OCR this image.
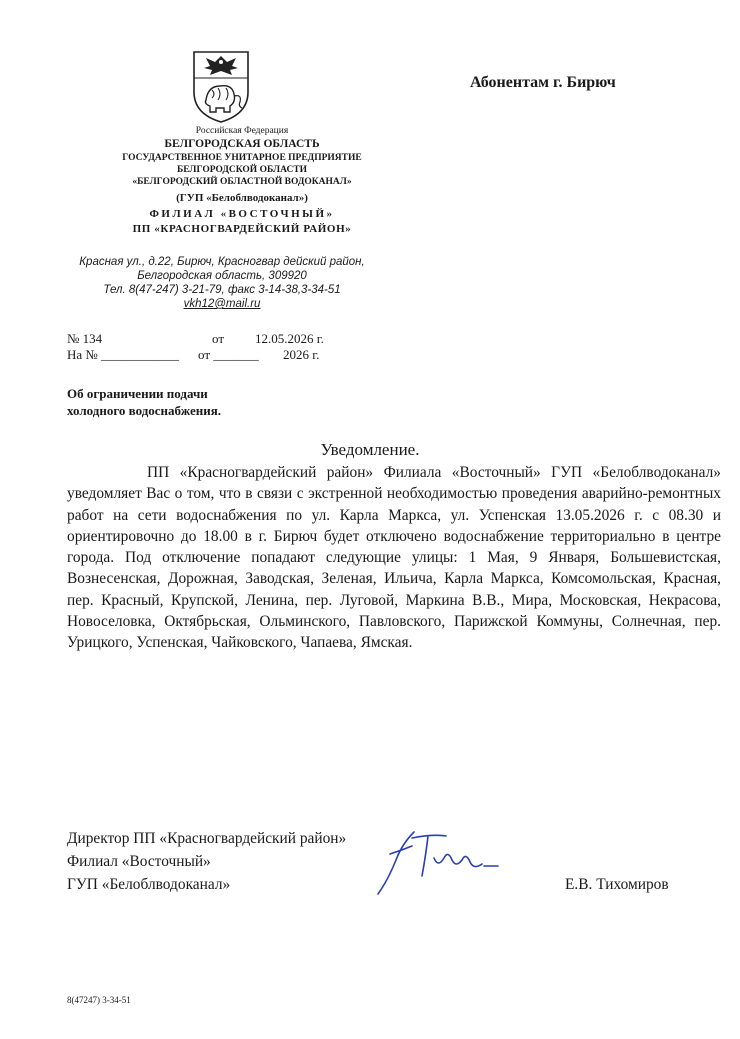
Российская Федерация
БЕЛГОРОДСКАЯ ОБЛАСТЬ
ГОСУДАРСТВЕННОЕ УНИТАРНОЕ ПРЕДПРИЯТИЕ
БЕЛГОРОДСКОЙ ОБЛАСТИ
«БЕЛГОРОДСКИЙ ОБЛАСТНОЙ ВОДОКАНАЛ»
(ГУП «Белоблводоканал»)
ФИЛИАЛ «ВОСТОЧНЫЙ»
ПП «КРАСНОГВАРДЕЙСКИЙ РАЙОН»
Красная ул., д.22, Бирюч, Красногвар дейский район,
Белгородская область, 309920
Тел. 8(47-247) 3-21-79, факс 3-14-38,3-34-51
vkh12@mail.ru
Абонентам г. Бирюч
№ 134	от 12.05.2026 г.
На № ____________ от _______ 2026 г.
Об ограничении подачи
холодного водоснабжения.
Уведомление.

ПП «Красногвардейский район» Филиала «Восточный» ГУП «Белоблводоканал» уведомляет Вас о том, что в связи с экстренной необходимостью проведения аварийно-ремонтных работ на сети водоснабжения по ул. Карла Маркса, ул. Успенская 13.05.2026 г. с 08.30 и ориентировочно до 18.00 в г. Бирюч будет отключено водоснабжение территориально в центре города. Под отключение попадают следующие улицы: 1 Мая, 9 Января, Большевистская, Вознесенская, Дорожная, Заводская, Зеленая, Ильича, Карла Маркса, Комсомольская, Красная, пер. Красный, Крупской, Ленина, пер. Луговой, Маркина В.В., Мира, Московская, Некрасова, Новоселовка, Октябрьская, Ольминского, Павловского, Парижской Коммуны, Солнечная, пер. Урицкого, Успенская, Чайковского, Чапаева, Ямская.

Директор ПП «Красногвардейский район»
Филиал «Восточный»
ГУП «Белоблводоканал»	Е.В. Тихомиров
8(47247) 3-34-51
